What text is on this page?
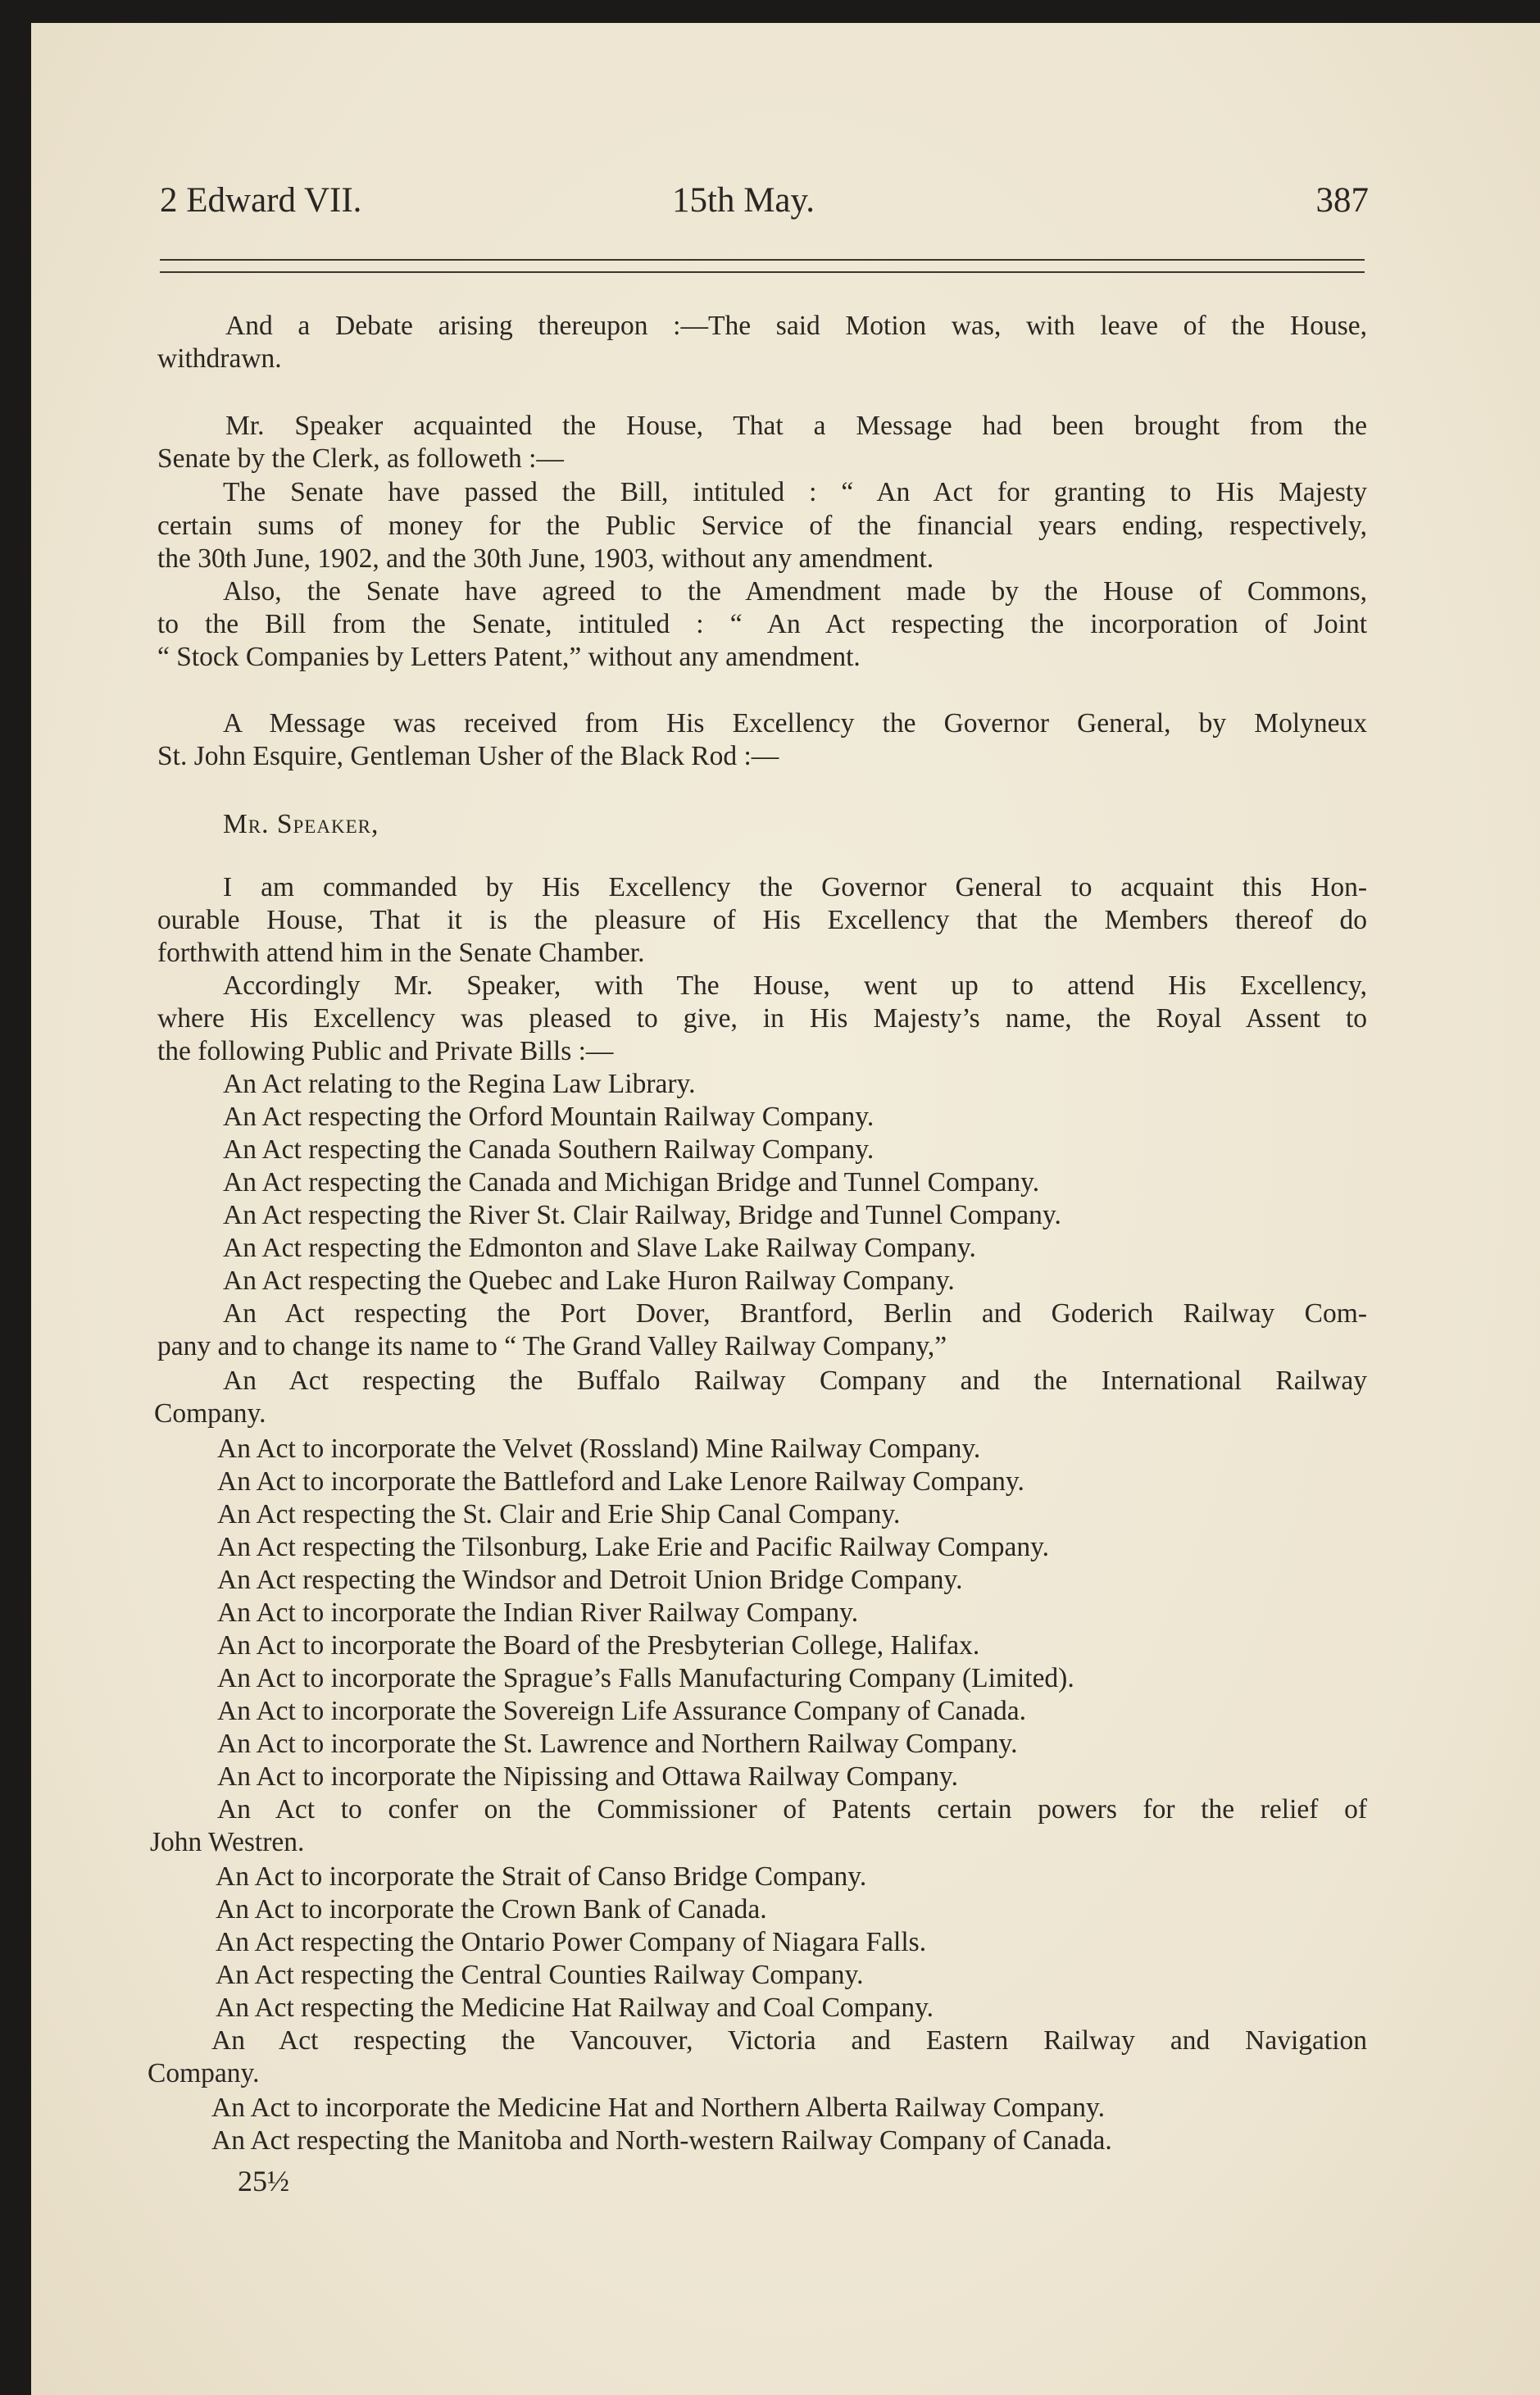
2 Edward VII.	15th May.	387
And a Debate arising thereupon :—The said Motion was, with leave of the House,
withdrawn.
Mr. Speaker acquainted the House, That a Message had been brought from the
Senate by the Clerk, as followeth :—
The Senate have passed the Bill, intituled : “ An Act for granting to His Majesty
certain sums of money for the Public Service of the financial years ending, respectively,
the 30th June, 1902, and the 30th June, 1903, without any amendment.
Also, the Senate have agreed to the Amendment made by the House of Commons,
to the Bill from the Senate, intituled : “ An Act respecting the incorporation of Joint
“ Stock Companies by Letters Patent,” without any amendment.
A Message was received from His Excellency the Governor General, by Molyneux
St. John Esquire, Gentleman Usher of the Black Rod :—
Mr. Speaker,
I am commanded by His Excellency the Governor General to acquaint this Hon-
ourable House, That it is the pleasure of His Excellency that the Members thereof do
forthwith attend him in the Senate Chamber.
Accordingly Mr. Speaker, with The House, went up to attend His Excellency,
where His Excellency was pleased to give, in His Majesty’s name, the Royal Assent to
the following Public and Private Bills :—
An Act relating to the Regina Law Library.
An Act respecting the Orford Mountain Railway Company.
An Act respecting the Canada Southern Railway Company.
An Act respecting the Canada and Michigan Bridge and Tunnel Company.
An Act respecting the River St. Clair Railway, Bridge and Tunnel Company.
An Act respecting the Edmonton and Slave Lake Railway Company.
An Act respecting the Quebec and Lake Huron Railway Company.
An Act respecting the Port Dover, Brantford, Berlin and Goderich Railway Com-
pany and to change its name to “ The Grand Valley Railway Company,”
An Act respecting the Buffalo Railway Company and the International Railway
Company.
An Act to incorporate the Velvet (Rossland) Mine Railway Company.
An Act to incorporate the Battleford and Lake Lenore Railway Company.
An Act respecting the St. Clair and Erie Ship Canal Company.
An Act respecting the Tilsonburg, Lake Erie and Pacific Railway Company.
An Act respecting the Windsor and Detroit Union Bridge Company.
An Act to incorporate the Indian River Railway Company.
An Act to incorporate the Board of the Presbyterian College, Halifax.
An Act to incorporate the Sprague’s Falls Manufacturing Company (Limited).
An Act to incorporate the Sovereign Life Assurance Company of Canada.
An Act to incorporate the St. Lawrence and Northern Railway Company.
An Act to incorporate the Nipissing and Ottawa Railway Company.
An Act to confer on the Commissioner of Patents certain powers for the relief of
John Westren.
An Act to incorporate the Strait of Canso Bridge Company.
An Act to incorporate the Crown Bank of Canada.
An Act respecting the Ontario Power Company of Niagara Falls.
An Act respecting the Central Counties Railway Company.
An Act respecting the Medicine Hat Railway and Coal Company.
An Act respecting the Vancouver, Victoria and Eastern Railway and Navigation
Company.
An Act to incorporate the Medicine Hat and Northern Alberta Railway Company.
An Act respecting the Manitoba and North-western Railway Company of Canada.
25½
